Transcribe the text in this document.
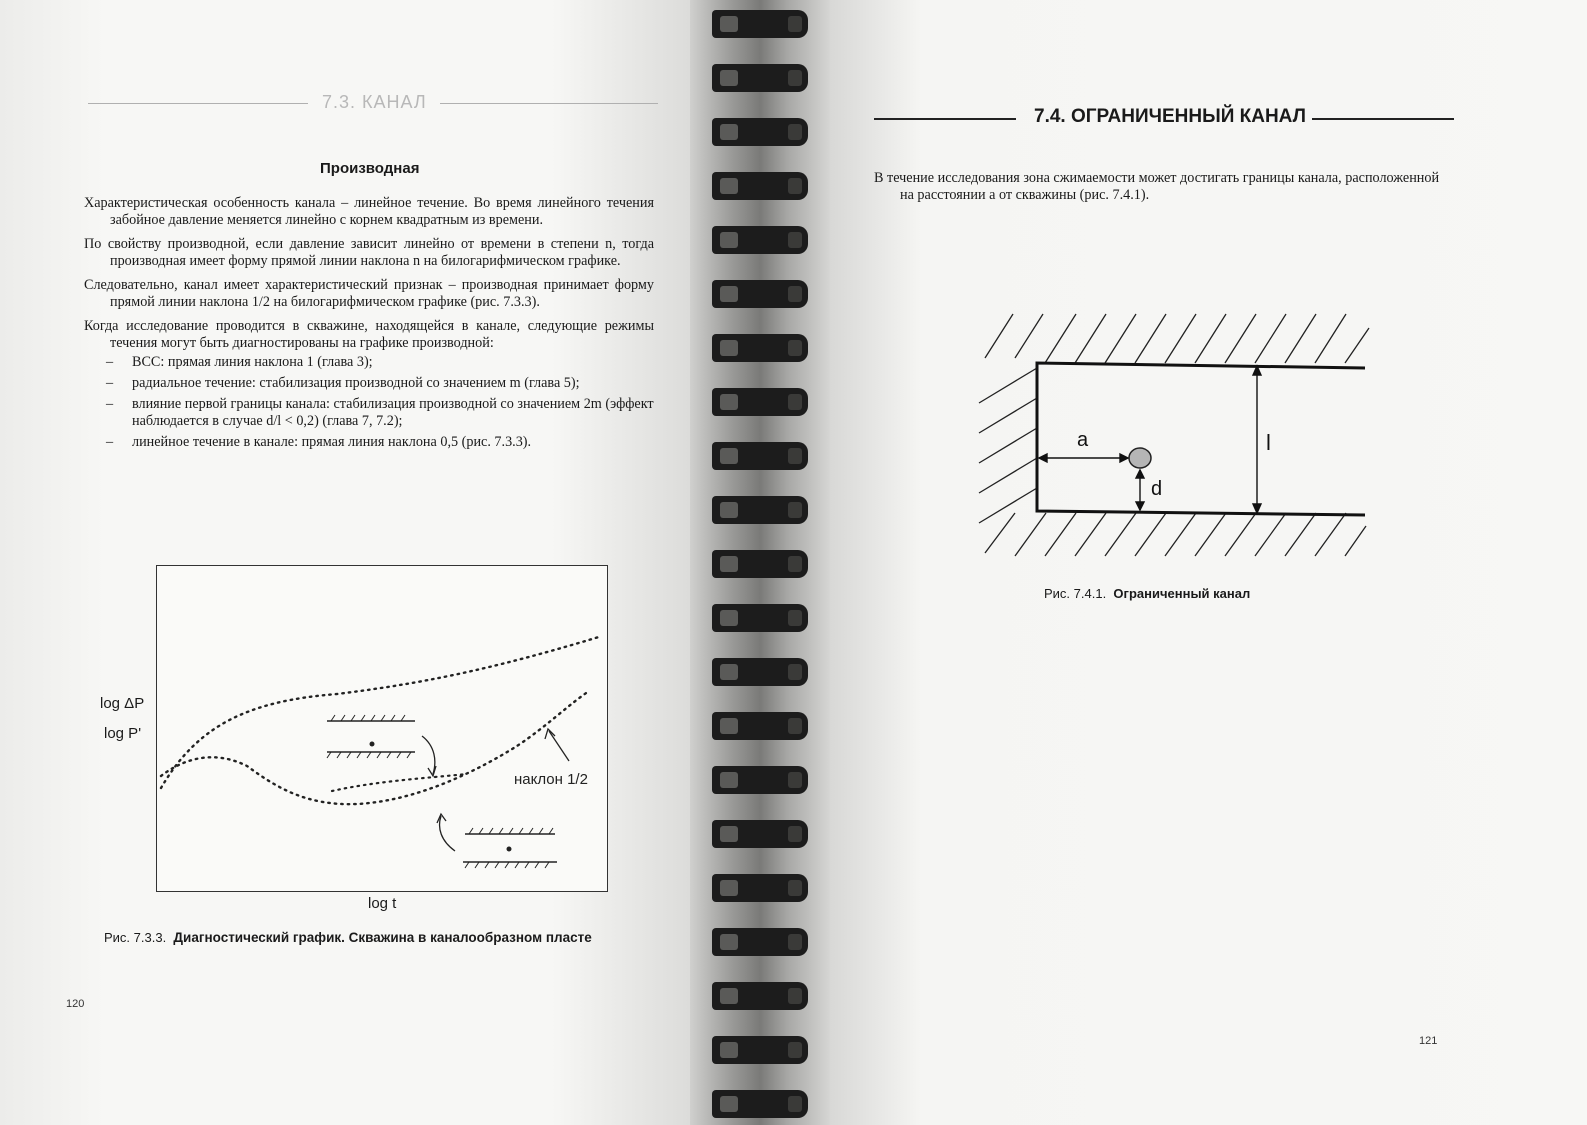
7.3. КАНАЛ
Производная

Характеристическая особенность канала – линейное течение. Во время линейного течения забойное давление меняется линейно с корнем квадратным из времени.

По свойству производной, если давление зависит линейно от времени в степени n, тогда производная имеет форму прямой линии наклона n на билогарифмическом графике.

Следовательно, канал имеет характеристический признак – производная принимает форму прямой линии наклона 1/2 на билогарифмическом графике (рис. 7.3.3).

Когда исследование проводится в скважине, находящейся в канале, следующие режимы течения могут быть диагностированы на графике производной:

– ВСС: прямая линия наклона 1 (глава 3);
– радиальное течение: стабилизация производной со значением m (глава 5);
– влияние первой границы канала: стабилизация производной со значением 2m (эффект наблюдается в случае d/l < 0,2) (глава 7, 7.2);
– линейное течение в канале: прямая линия наклона 0,5 (рис. 7.3.3).
log ΔP
log P'
наклон 1/2
log t
Рис. 7.3.3. Диагностический график. Скважина в каналообразном пласте
120
7.4. ОГРАНИЧЕННЫЙ КАНАЛ

В течение исследования зона сжимаемости может достигать границы канала, расположенной на расстоянии a от скважины (рис. 7.4.1).

a
d
l
Рис. 7.4.1. Ограниченный канал
121
